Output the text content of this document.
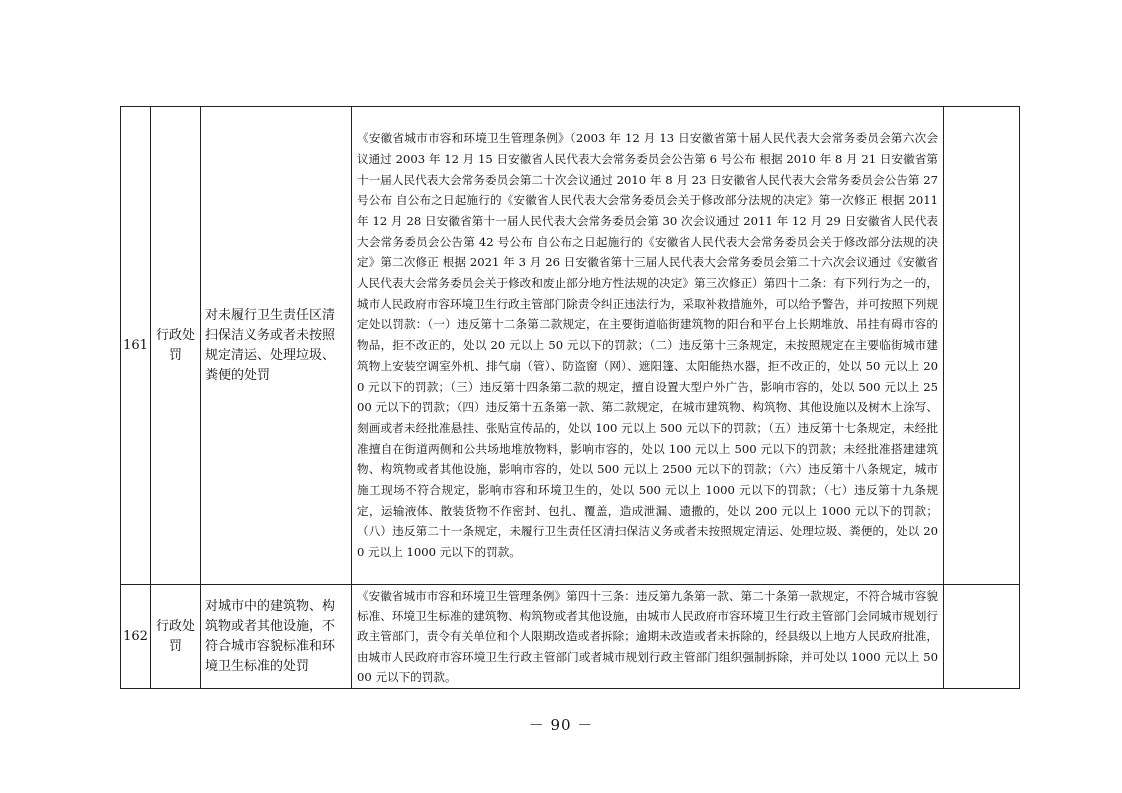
161	行政处罚	对未履行卫生责任区清扫保洁义务或者未按照规定清运、处理垃圾、粪便的处罚	《安徽省城市市容和环境卫生管理条例》（2003 年 12 月 13 日安徽省第十届人民代表大会常务委员会第六次会议通过 2003 年 12 月 15 日安徽省人民代表大会常务委员会公告第 6 号公布 根据 2010 年 8 月 21 日安徽省第十一届人民代表大会常务委员会第二十次会议通过 2010 年 8 月 23 日安徽省人民代表大会常务委员会公告第 27 号公布 自公布之日起施行的《安徽省人民代表大会常务委员会关于修改部分法规的决定》第一次修正 根据 2011 年 12 月 28 日安徽省第十一届人民代表大会常务委员会第 30 次会议通过 2011 年 12 月 29 日安徽省人民代表大会常务委员会公告第 42 号公布 自公布之日起施行的《安徽省人民代表大会常务委员会关于修改部分法规的决定》第二次修正 根据 2021 年 3 月 26 日安徽省第十三届人民代表大会常务委员会第二十六次会议通过《安徽省人民代表大会常务委员会关于修改和废止部分地方性法规的决定》第三次修正）第四十二条：有下列行为之一的，城市人民政府市容环境卫生行政主管部门除责令纠正违法行为，采取补救措施外，可以给予警告，并可按照下列规定处以罚款：（一）违反第十二条第二款规定，在主要街道临街建筑物的阳台和平台上长期堆放、吊挂有碍市容的物品，拒不改正的，处以 20 元以上 50 元以下的罚款；（二）违反第十三条规定，未按照规定在主要临街城市建筑物上安装空调室外机、排气扇（管）、防盗窗（网）、遮阳篷、太阳能热水器，拒不改正的，处以 50 元以上 200 元以下的罚款；（三）违反第十四条第二款的规定，擅自设置大型户外广告，影响市容的，处以 500 元以上 2500 元以下的罚款；（四）违反第十五条第一款、第二款规定，在城市建筑物、构筑物、其他设施以及树木上涂写、刻画或者未经批准悬挂、张贴宣传品的，处以 100 元以上 500 元以下的罚款；（五）违反第十七条规定，未经批准擅自在街道两侧和公共场地堆放物料，影响市容的，处以 100 元以上 500 元以下的罚款；未经批准搭建建筑物、构筑物或者其他设施，影响市容的，处以 500 元以上 2500 元以下的罚款；（六）违反第十八条规定，城市施工现场不符合规定，影响市容和环境卫生的，处以 500 元以上 1000 元以下的罚款；（七）违反第十九条规定，运输液体、散装货物不作密封、包扎、覆盖，造成泄漏、遗撒的，处以 200 元以上 1000 元以下的罚款；（八）违反第二十一条规定，未履行卫生责任区清扫保洁义务或者未按照规定清运、处理垃圾、粪便的，处以 200 元以上 1000 元以下的罚款。	
162	行政处罚	对城市中的建筑物、构筑物或者其他设施，不符合城市容貌标准和环境卫生标准的处罚	《安徽省城市市容和环境卫生管理条例》第四十三条：违反第九条第一款、第二十条第一款规定，不符合城市容貌标准、环境卫生标准的建筑物、构筑物或者其他设施，由城市人民政府市容环境卫生行政主管部门会同城市规划行政主管部门，责令有关单位和个人限期改造或者拆除；逾期未改造或者未拆除的，经县级以上地方人民政府批准，由城市人民政府市容环境卫生行政主管部门或者城市规划行政主管部门组织强制拆除，并可处以 1000 元以上 5000 元以下的罚款。	
－ 90 －
